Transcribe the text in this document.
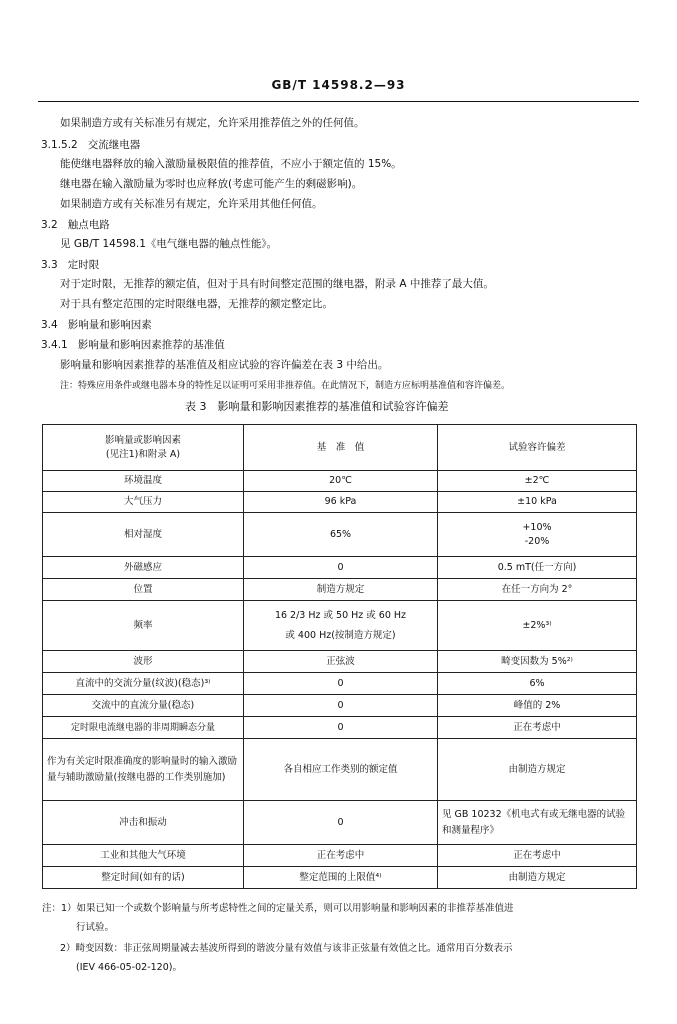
GB/T 14598.2—93
如果制造方或有关标准另有规定，允许采用推荐值之外的任何值。
3.1.5.2 交流继电器
能使继电器释放的输入激励量极限值的推荐值，不应小于额定值的 15%。
继电器在输入激励量为零时也应释放(考虑可能产生的剩磁影响)。
如果制造方或有关标准另有规定，允许采用其他任何值。
3.2 触点电路
见 GB/T 14598.1《电气继电器的触点性能》。
3.3 定时限
对于定时限，无推荐的额定值，但对于具有时间整定范围的继电器，附录 A 中推荐了最大值。
对于具有整定范围的定时限继电器，无推荐的额定整定比。
3.4 影响量和影响因素
3.4.1 影响量和影响因素推荐的基准值
影响量和影响因素推荐的基准值及相应试验的容许偏差在表 3 中给出。
注：特殊应用条件或继电器本身的特性足以证明可采用非推荐值。在此情况下，制造方应标明基准值和容许偏差。
表 3　影响量和影响因素推荐的基准值和试验容许偏差
影响量或影响因素
(见注1)和附录 A)	基　准　值	试验容许偏差
环境温度	20℃	±2℃
大气压力	96 kPa	±10 kPa
相对湿度	65%	+10%
-20%

外磁感应	0	0.5 mT(任一方向)
位置	制造方规定	在任一方向为 2°
频率	16 2/3 Hz 或 50 Hz 或 60 Hz
或 400 Hz(按制造方规定)	±2%³⁾
波形	正弦波	畸变因数为 5%²⁾
直流中的交流分量(纹波)(稳态)³⁾	0	6%
交流中的直流分量(稳态)	0	峰值的 2%
定时限电流继电器的非周期瞬态分量	0	正在考虑中
作为有关定时限准确度的影响量时的输入激励量与辅助激励量(按继电器的工作类别施加)	各自相应工作类别的额定值	由制造方规定
冲击和振动	0	见 GB 10232《机电式有或无继电器的试验和测量程序》
工业和其他大气环境	正在考虑中	正在考虑中
整定时间(如有的话)	整定范围的上限值⁴⁾	由制造方规定
注：1）如果已知一个或数个影响量与所考虑特性之间的定量关系，则可以用影响量和影响因素的非推荐基准值进
行试验。
2）畸变因数：非正弦周期量减去基波所得到的谐波分量有效值与该非正弦量有效值之比。通常用百分数表示
(IEV 466-05-02-120)。
